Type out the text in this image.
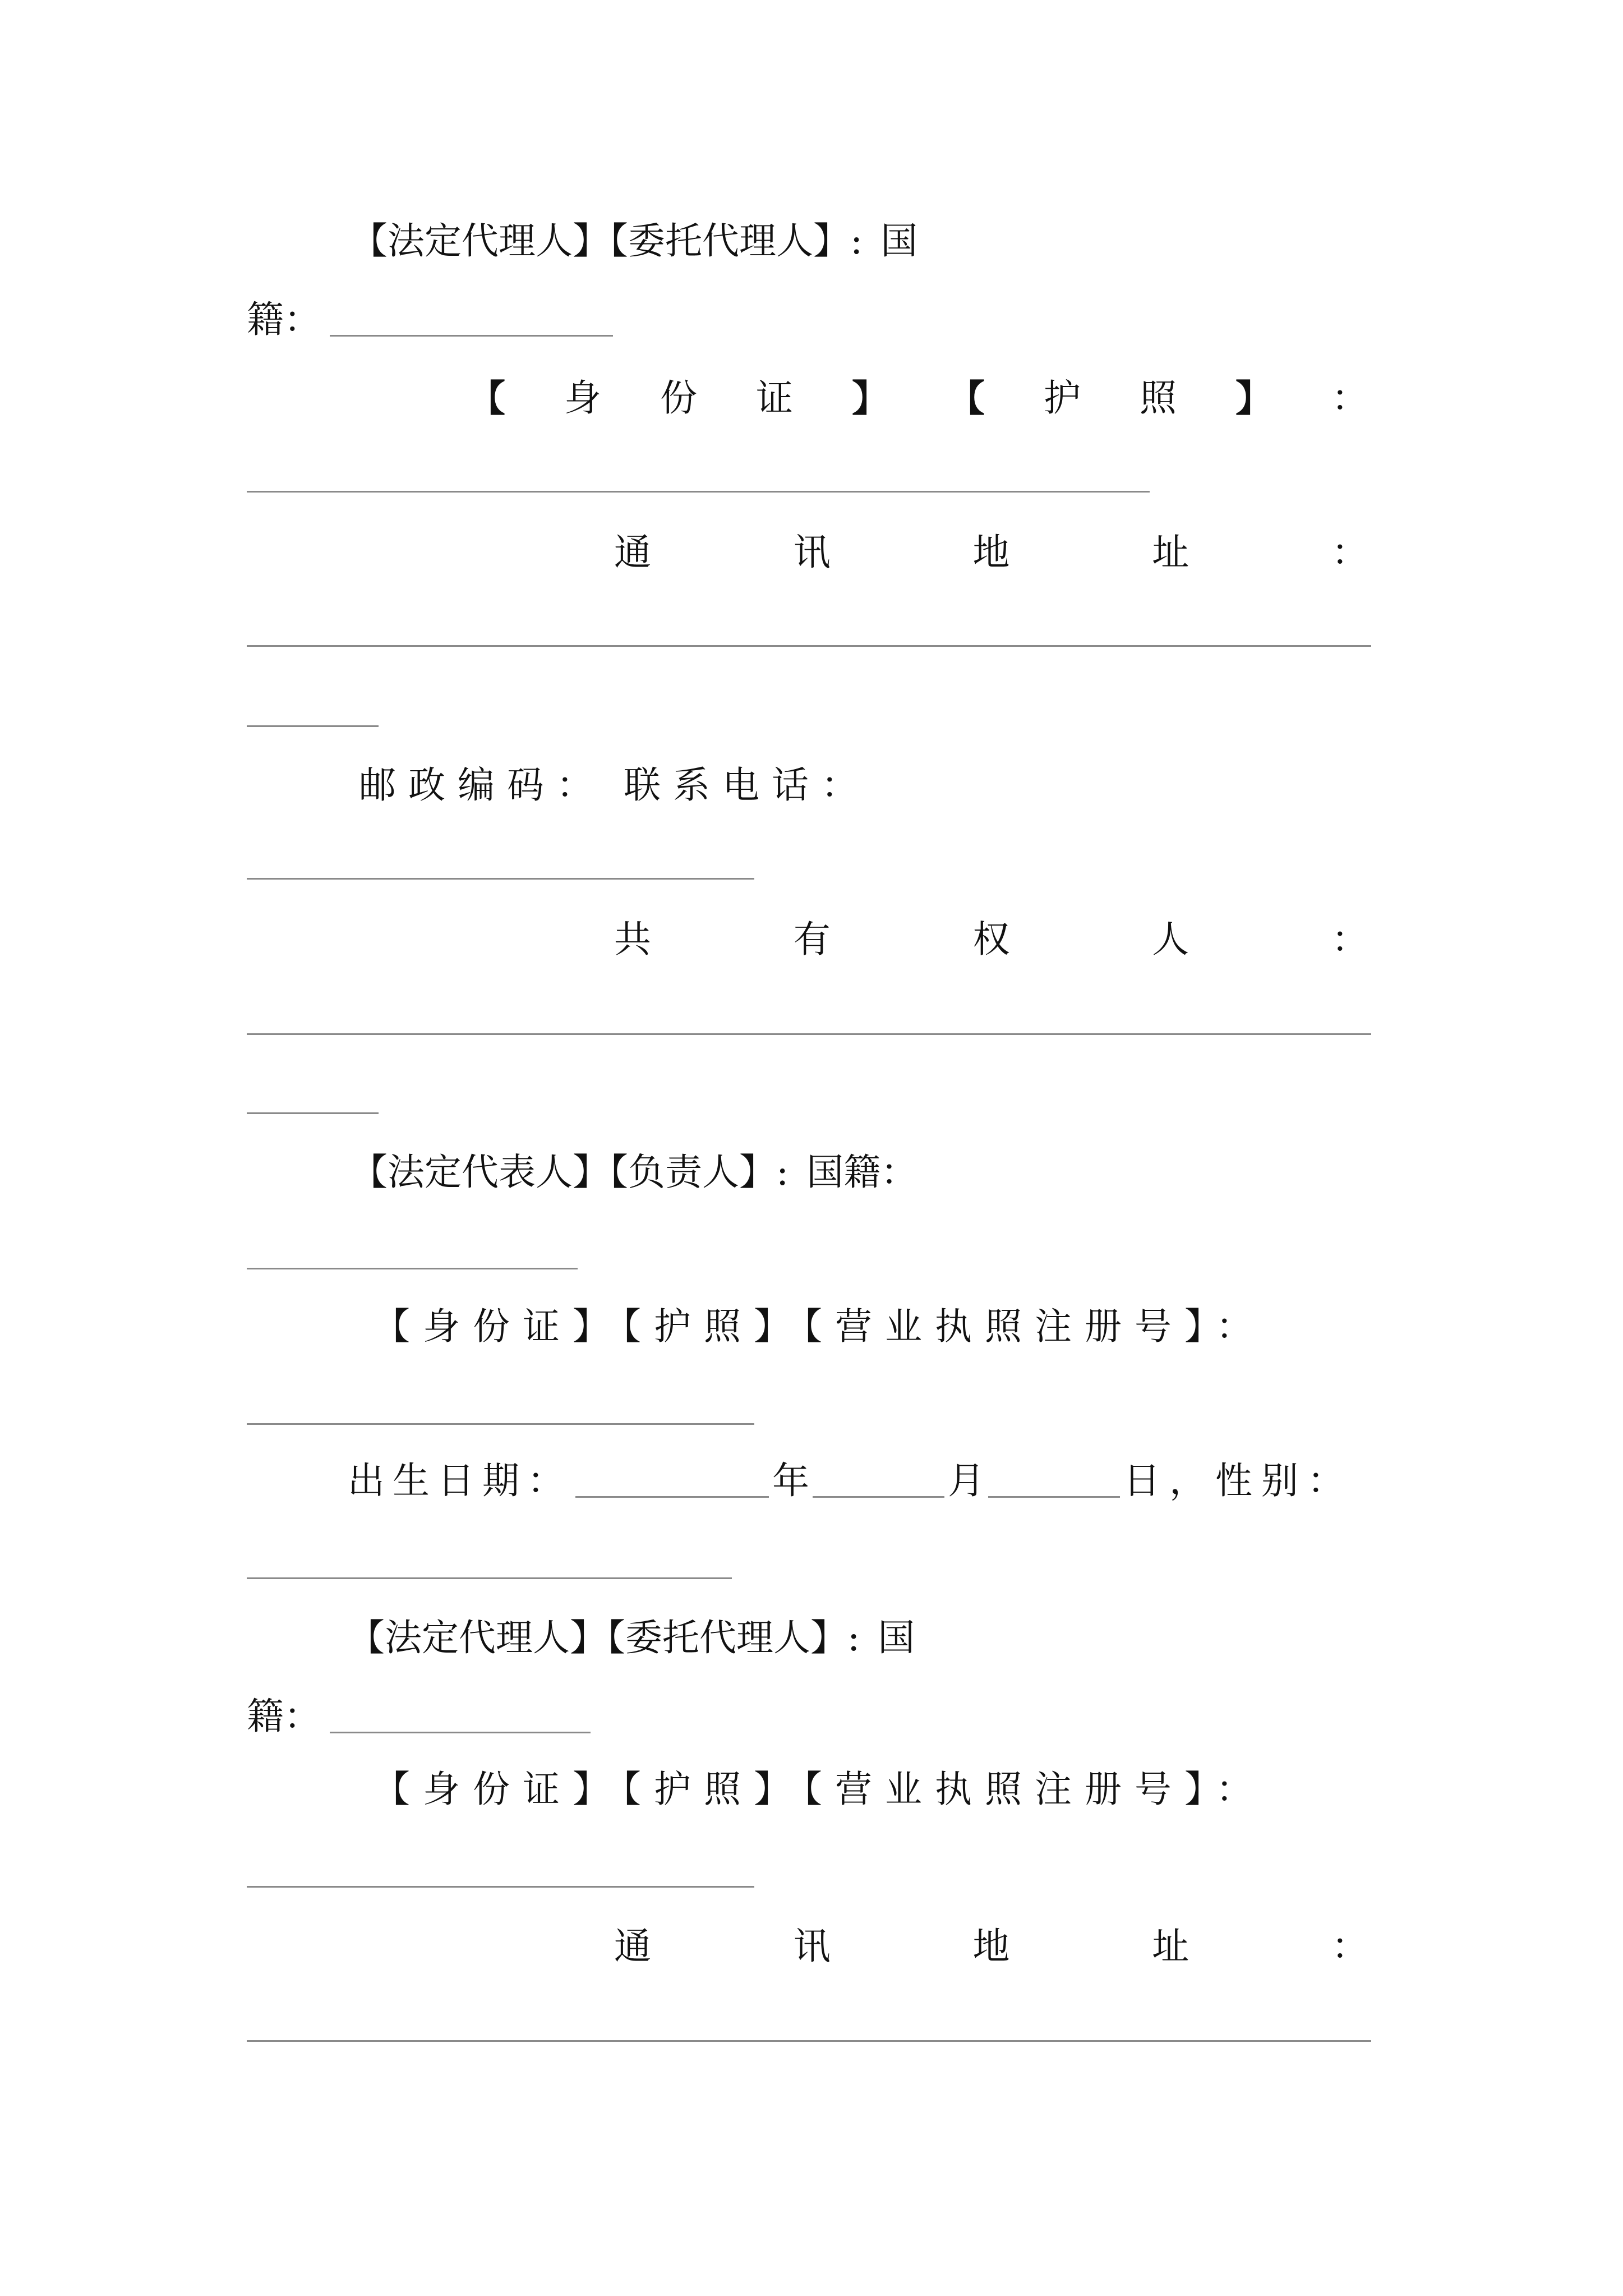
【法定代理人】【委托代理人】: 国
籍：
【 身 份 证 】 【 护 照 】 ：
通	讯	地	址	：
邮政编码： 联系电话：
共	有	权	人	：
【法定代表人】【负责人】: 国籍：
【身份证】【护照】【营业执照注册号】：
出生日期：	年	月	日，性别：
【法定代理人】【委托代理人】: 国
籍：
【身份证】【护照】【营业执照注册号】：
通	讯	地	址	：
